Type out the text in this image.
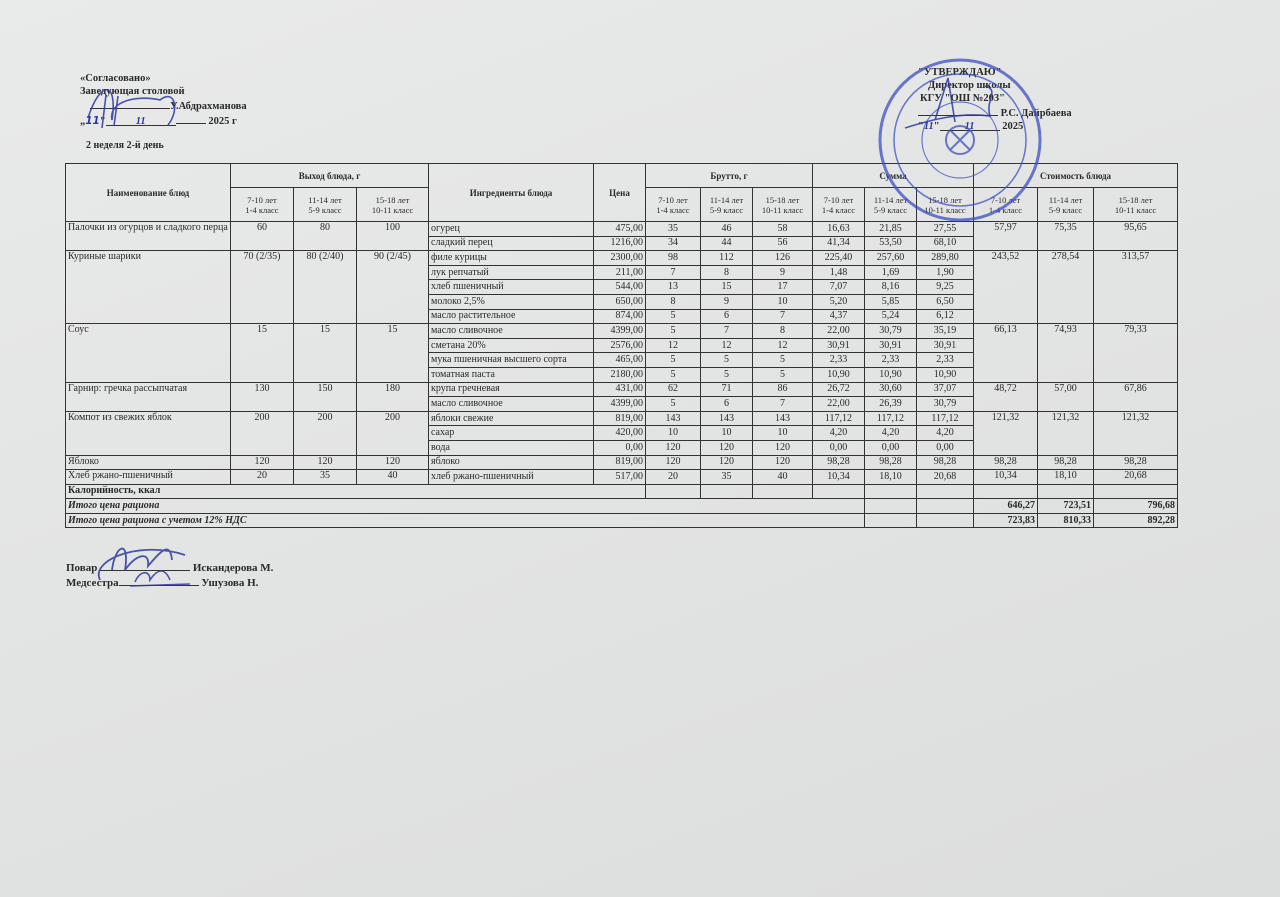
«Согласовано»
Заведующая столовой
У.Абдрахманова
„11"	11	2025 г
"УТВЕРЖДАЮ"
Директор школы
КГУ "ОШ №203"
Р.С. Дайрбаева
"11" 11	2025
2 неделя 2-й день
Наименование блюд	Выход блюда, г			Ингредиенты блюда	Цена	Брутто, г			Сумма			Стоимость блюда		
	7-10 лет
1-4 класс	11-14 лет
5-9 класс	15-18 лет
10-11 класс			7-10 лет
1-4 класс	11-14 лет
5-9 класс	15-18 лет
10-11 класс	7-10 лет
1-4 класс	11-14 лет
5-9 класс	15-18 лет
10-11 класс	7-10 лет
1-4 класс	11-14 лет
5-9 класс	15-18 лет
10-11 класс
Палочки из огурцов и сладкого перца	60	80	100	огурец	475,00	35	46	58	16,63	21,85	27,55	57,97	75,35	95,65
				сладкий перец	1216,00	34	44	56	41,34	53,50	68,10			
Куриные шарики	70 (2/35)	80 (2/40)	90 (2/45)	филе курицы	2300,00	98	112	126	225,40	257,60	289,80	243,52	278,54	313,57
				лук репчатый	211,00	7	8	9	1,48	1,69	1,90			
				хлеб пшеничный	544,00	13	15	17	7,07	8,16	9,25			
				молоко 2,5%	650,00	8	9	10	5,20	5,85	6,50			
				масло растительное	874,00	5	6	7	4,37	5,24	6,12			
Соус	15	15	15	масло сливочное	4399,00	5	7	8	22,00	30,79	35,19	66,13	74,93	79,33
				сметана 20%	2576,00	12	12	12	30,91	30,91	30,91			
				мука пшеничная высшего сорта	465,00	5	5	5	2,33	2,33	2,33			
				томатная паста	2180,00	5	5	5	10,90	10,90	10,90			
Гарнир: гречка рассыпчатая	130	150	180	крупа гречневая	431,00	62	71	86	26,72	30,60	37,07	48,72	57,00	67,86
				масло сливочное	4399,00	5	6	7	22,00	26,39	30,79			
Компот из свежих яблок	200	200	200	яблоки свежие	819,00	143	143	143	117,12	117,12	117,12	121,32	121,32	121,32
				сахар	420,00	10	10	10	4,20	4,20	4,20			
				вода	0,00	120	120	120	0,00	0,00	0,00			
Яблоко	120	120	120	яблоко	819,00	120	120	120	98,28	98,28	98,28	98,28	98,28	98,28
Хлеб ржано-пшеничный	20	35	40	хлеб ржано-пшеничный	517,00	20	35	40	10,34	18,10	20,68	10,34	18,10	20,68
Калорийность, ккал														
Итого цена рациона												646,27	723,51	796,68
Итого цена рациона с учетом 12% НДС												723,83	810,33	892,28
Повар	Искандерова М.
Медсестра	Ушузова Н.
